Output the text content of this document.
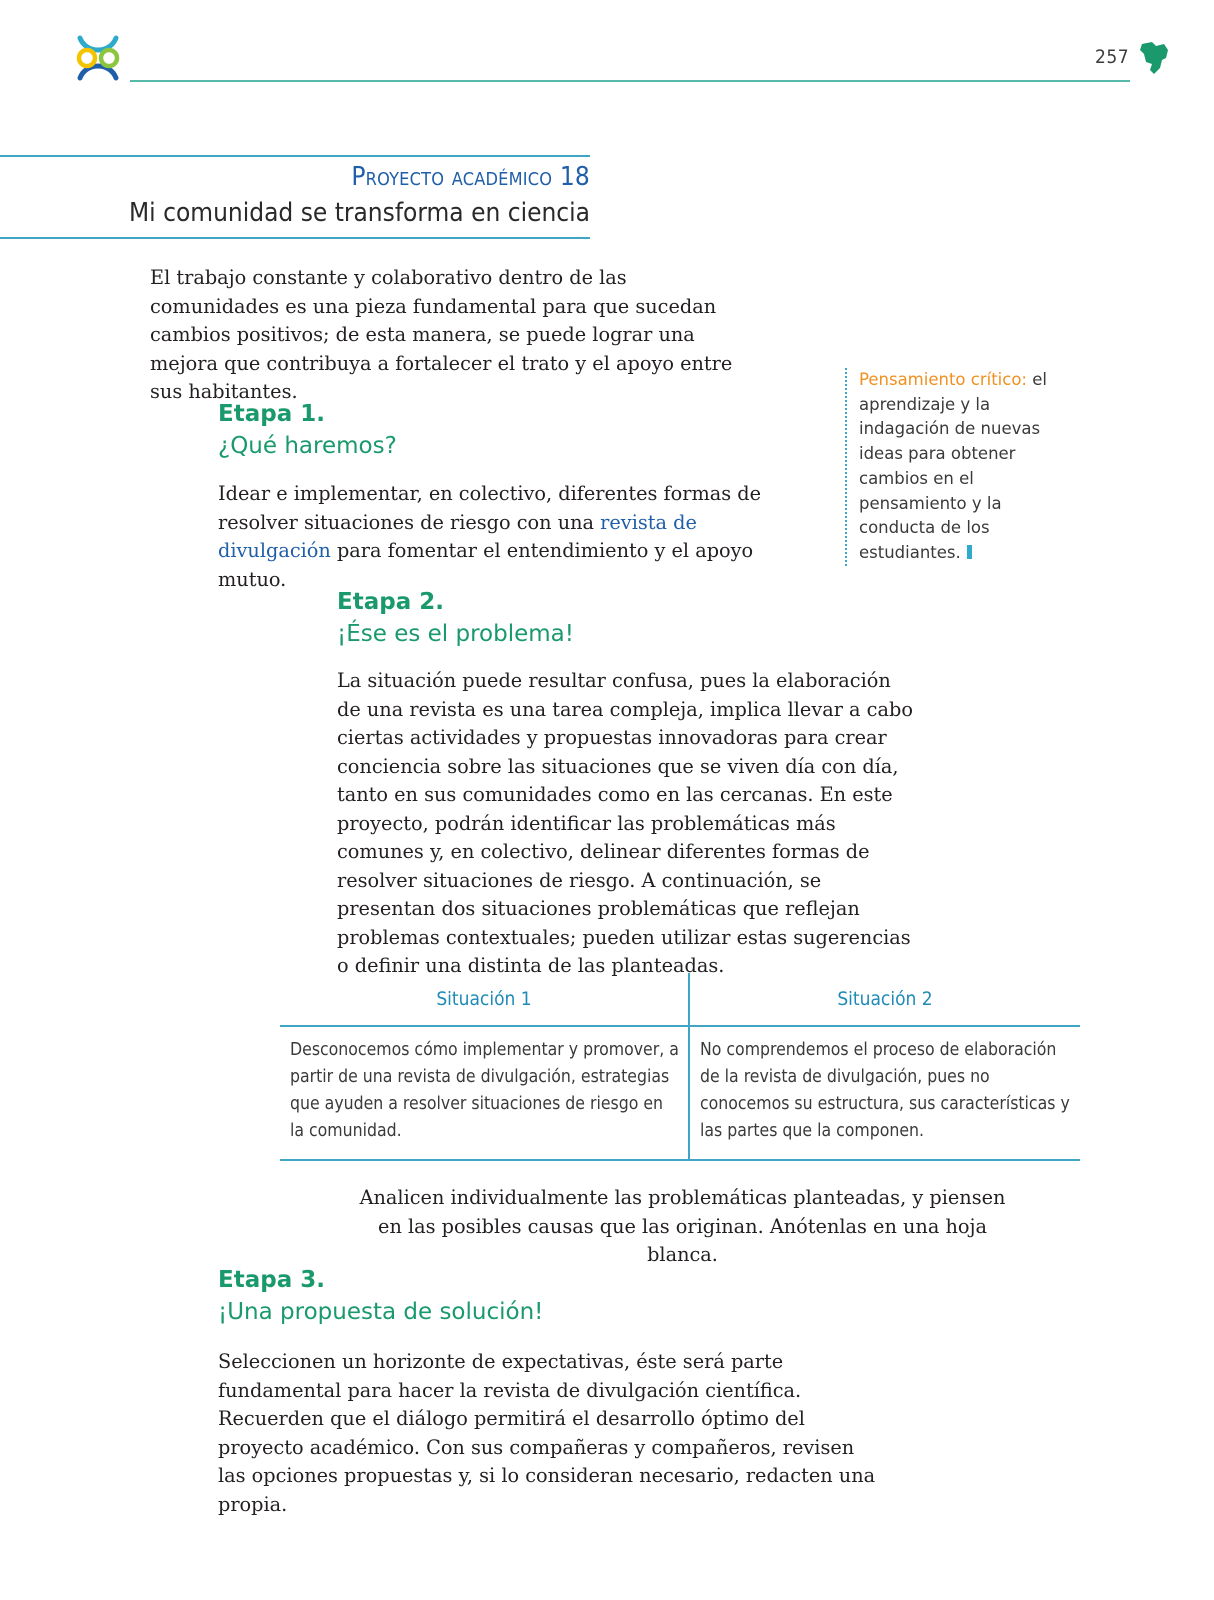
257
Proyecto académico 18
Mi comunidad se transforma en ciencia
El trabajo constante y colaborativo dentro de las comunidades es una pieza fundamental para que sucedan cambios positivos; de esta manera, se puede lograr una mejora que contribuya a fortalecer el trato y el apoyo entre sus habitantes.
Pensamiento crítico: el aprendizaje y la indagación de nuevas ideas para obtener cambios en el pensamiento y la conducta de los estudiantes.
Etapa 1.
¿Qué haremos?
Idear e implementar, en colectivo, diferentes formas de resolver situaciones de riesgo con una revista de divulgación para fomentar el entendimiento y el apoyo mutuo.
Etapa 2.
¡Ése es el problema!
La situación puede resultar confusa, pues la elaboración de una revista es una tarea compleja, implica llevar a cabo ciertas actividades y propuestas innovadoras para crear conciencia sobre las situaciones que se viven día con día, tanto en sus comunidades como en las cercanas. En este proyecto, podrán identificar las problemáticas más comunes y, en colectivo, delinear diferentes formas de resolver situaciones de riesgo. A continuación, se presentan dos situaciones problemáticas que reflejan problemas contextuales; pueden utilizar estas sugerencias o definir una distinta de las planteadas.
Situación 1	Situación 2
Desconocemos cómo implementar y promover, a partir de una revista de divulgación, estrategias que ayuden a resolver situaciones de riesgo en la comunidad.
No comprendemos el proceso de elaboración de la revista de divulgación, pues no conocemos su estructura, sus características y las partes que la componen.
Analicen individualmente las problemáticas planteadas, y piensen en las posibles causas que las originan. Anótenlas en una hoja blanca.
Etapa 3.
¡Una propuesta de solución!
Seleccionen un horizonte de expectativas, éste será parte fundamental para hacer la revista de divulgación científica. Recuerden que el diálogo permitirá el desarrollo óptimo del proyecto académico. Con sus compañeras y compañeros, revisen las opciones propuestas y, si lo consideran necesario, redacten una propia.
